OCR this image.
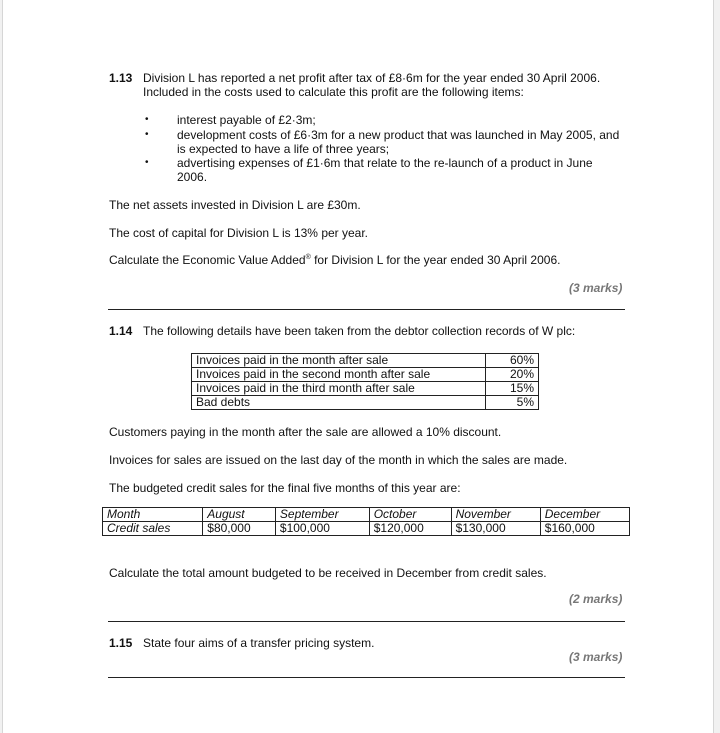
1.13 Division L has reported a net profit after tax of £8·6m for the year ended 30 April 2006.
Included in the costs used to calculate this profit are the following items:
• interest payable of £2·3m;
• development costs of £6·3m for a new product that was launched in May 2005, and
is expected to have a life of three years;
• advertising expenses of £1·6m that relate to the re-launch of a product in June
2006.
The net assets invested in Division L are £30m.
The cost of capital for Division L is 13% per year.
Calculate the Economic Value Added® for Division L for the year ended 30 April 2006.
(3 marks)
1.14 The following details have been taken from the debtor collection records of W plc:
Invoices paid in the month after sale	60%
Invoices paid in the second month after sale	20%
Invoices paid in the third month after sale	15%
Bad debts	5%
Customers paying in the month after the sale are allowed a 10% discount.
Invoices for sales are issued on the last day of the month in which the sales are made.
The budgeted credit sales for the final five months of this year are:
Month	August	September	October	November	December
Credit sales	$80,000	$100,000	$120,000	$130,000	$160,000
Calculate the total amount budgeted to be received in December from credit sales.
(2 marks)
1.15 State four aims of a transfer pricing system.
(3 marks)
